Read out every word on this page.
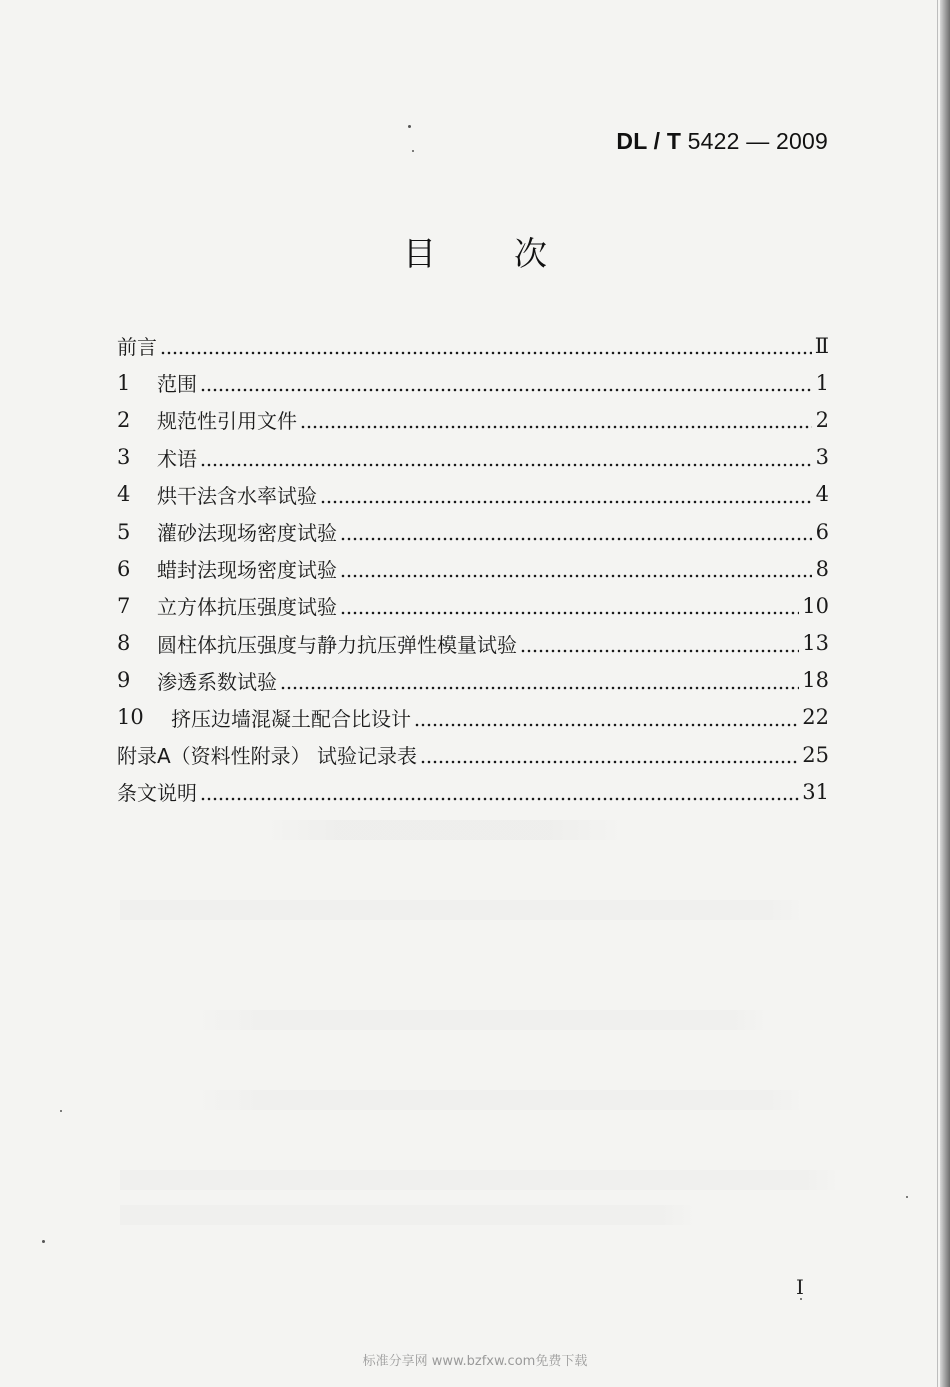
DL / T 5422 — 2009
目次
前言	Ⅱ
1	范围	1
2	规范性引用文件	2
3	术语	3
4	烘干法含水率试验	4
5	灌砂法现场密度试验	6
6	蜡封法现场密度试验	8
7	立方体抗压强度试验	10
8	圆柱体抗压强度与静力抗压弹性模量试验	13
9	渗透系数试验	18
10	挤压边墙混凝土配合比设计	22
附录A（资料性附录） 试验记录表	25
条文说明	31
I
标准分享网 www.bzfxw.com免费下载
